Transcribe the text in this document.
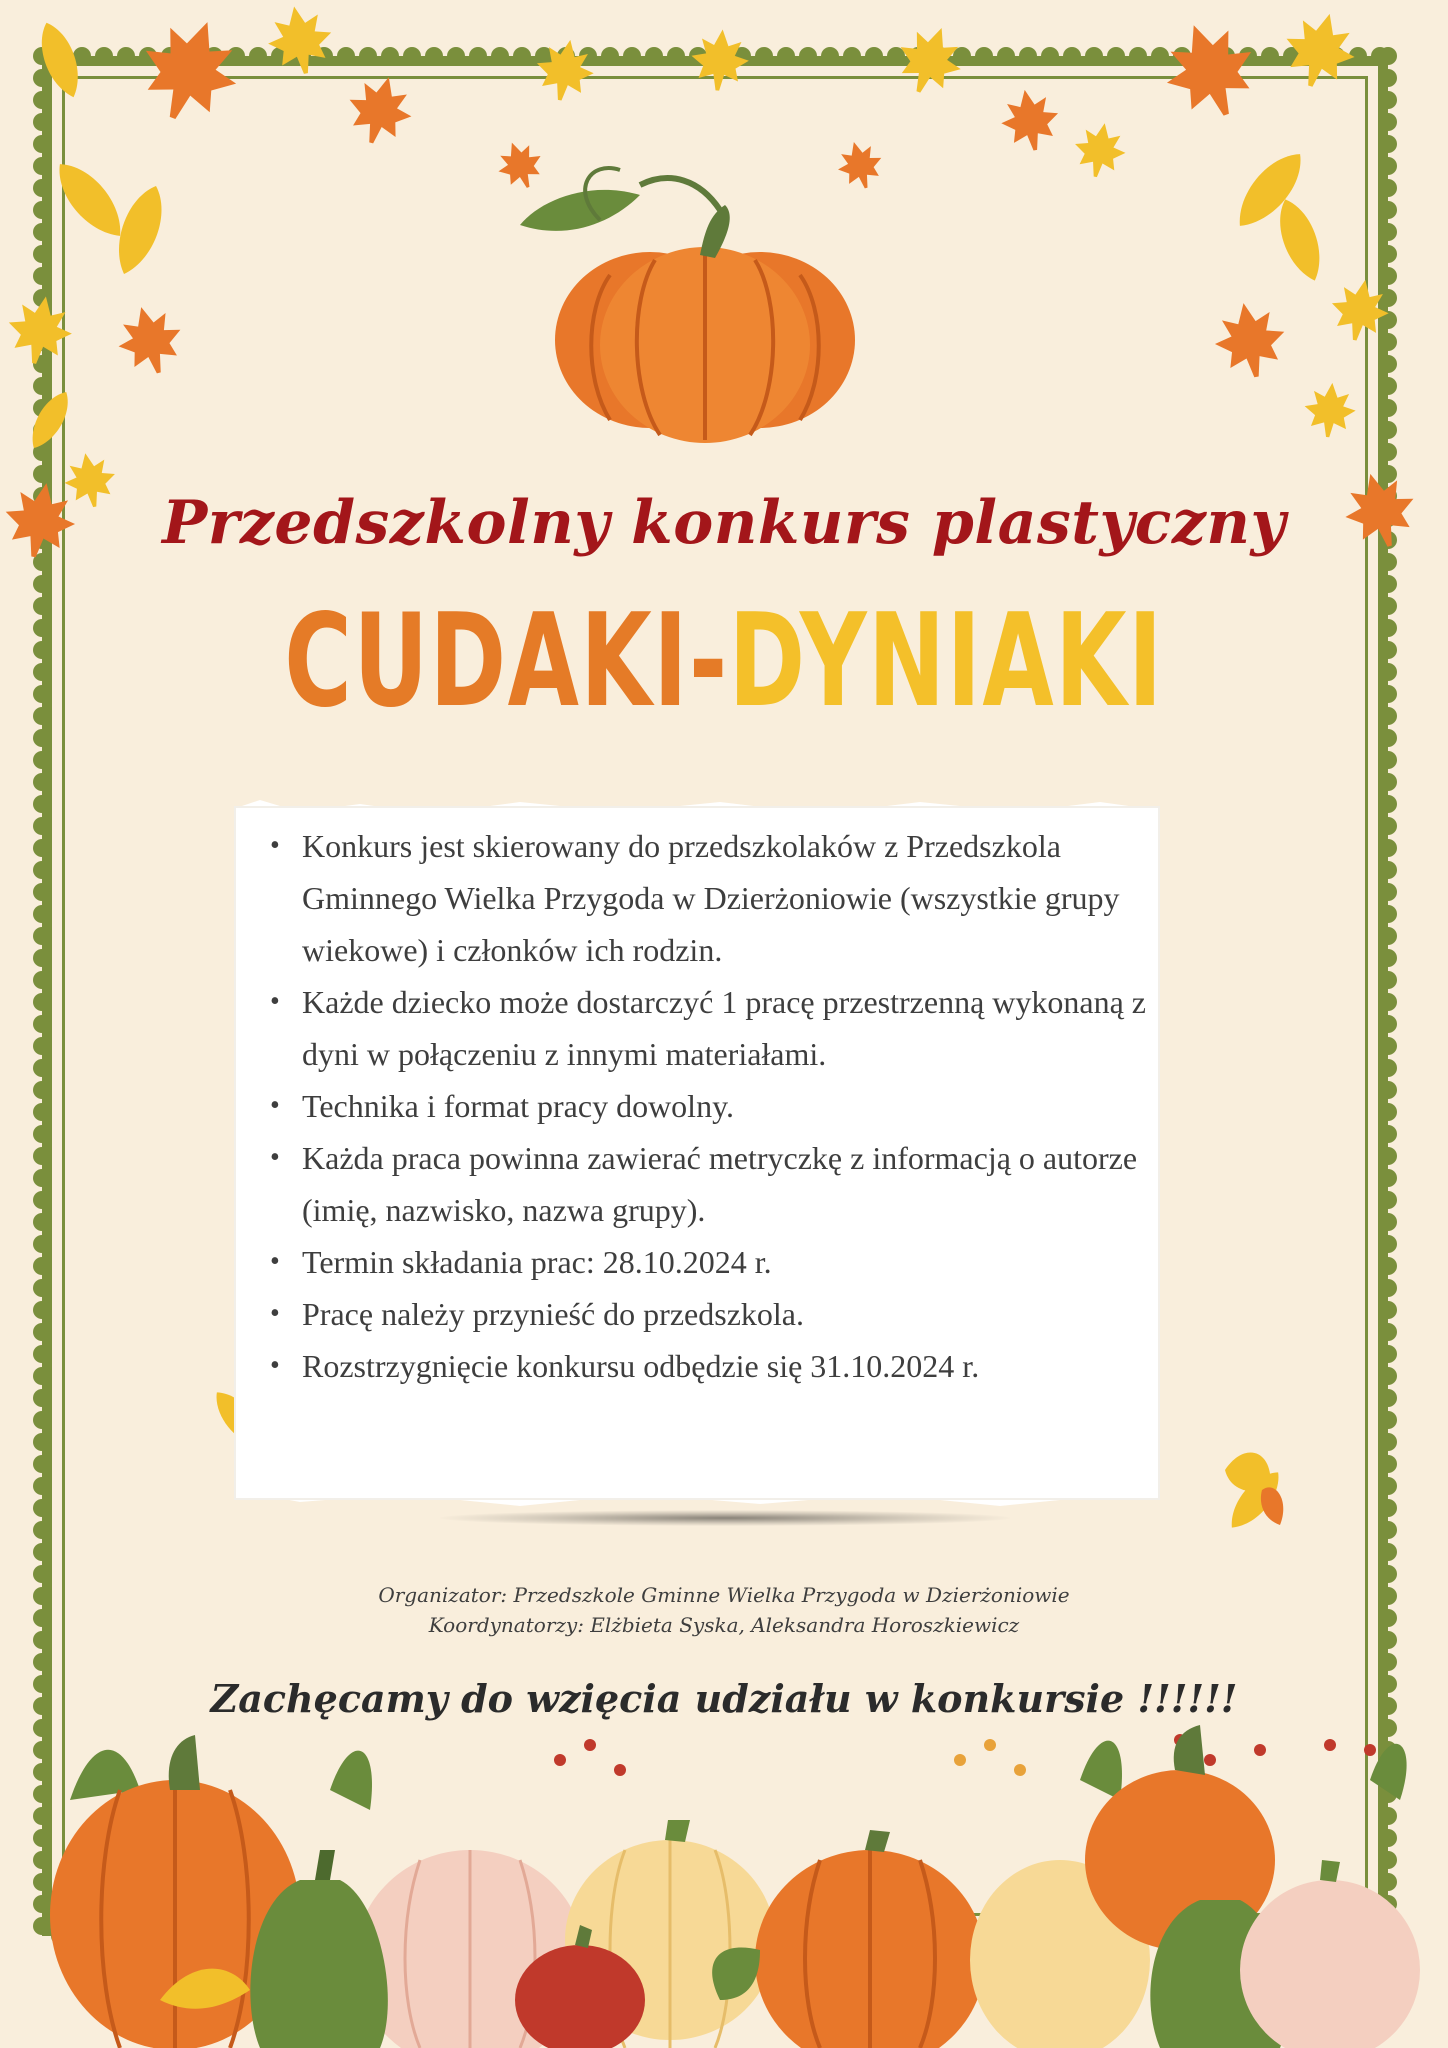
Przedszkolny konkurs plastyczny
CUDAKI-DYNIAKI
• Konkurs jest skierowany do przedszkolaków z Przedszkola Gminnego Wielka Przygoda w Dzierżoniowie (wszystkie grupy wiekowe) i członków ich rodzin.
• Każde dziecko może dostarczyć 1 pracę przestrzenną wykonaną z dyni w połączeniu z innymi materiałami.
• Technika i format pracy dowolny.
• Każda praca powinna zawierać metryczkę z informacją o autorze (imię, nazwisko, nazwa grupy).
• Termin składania prac: 28.10.2024 r.
• Pracę należy przynieść do przedszkola.
• Rozstrzygnięcie konkursu odbędzie się 31.10.2024 r.
Organizator: Przedszkole Gminne Wielka Przygoda w Dzierżoniowie
Koordynatorzy: Elżbieta Syska, Aleksandra Horoszkiewicz
Zachęcamy do wzięcia udziału w konkursie !!!!!!
